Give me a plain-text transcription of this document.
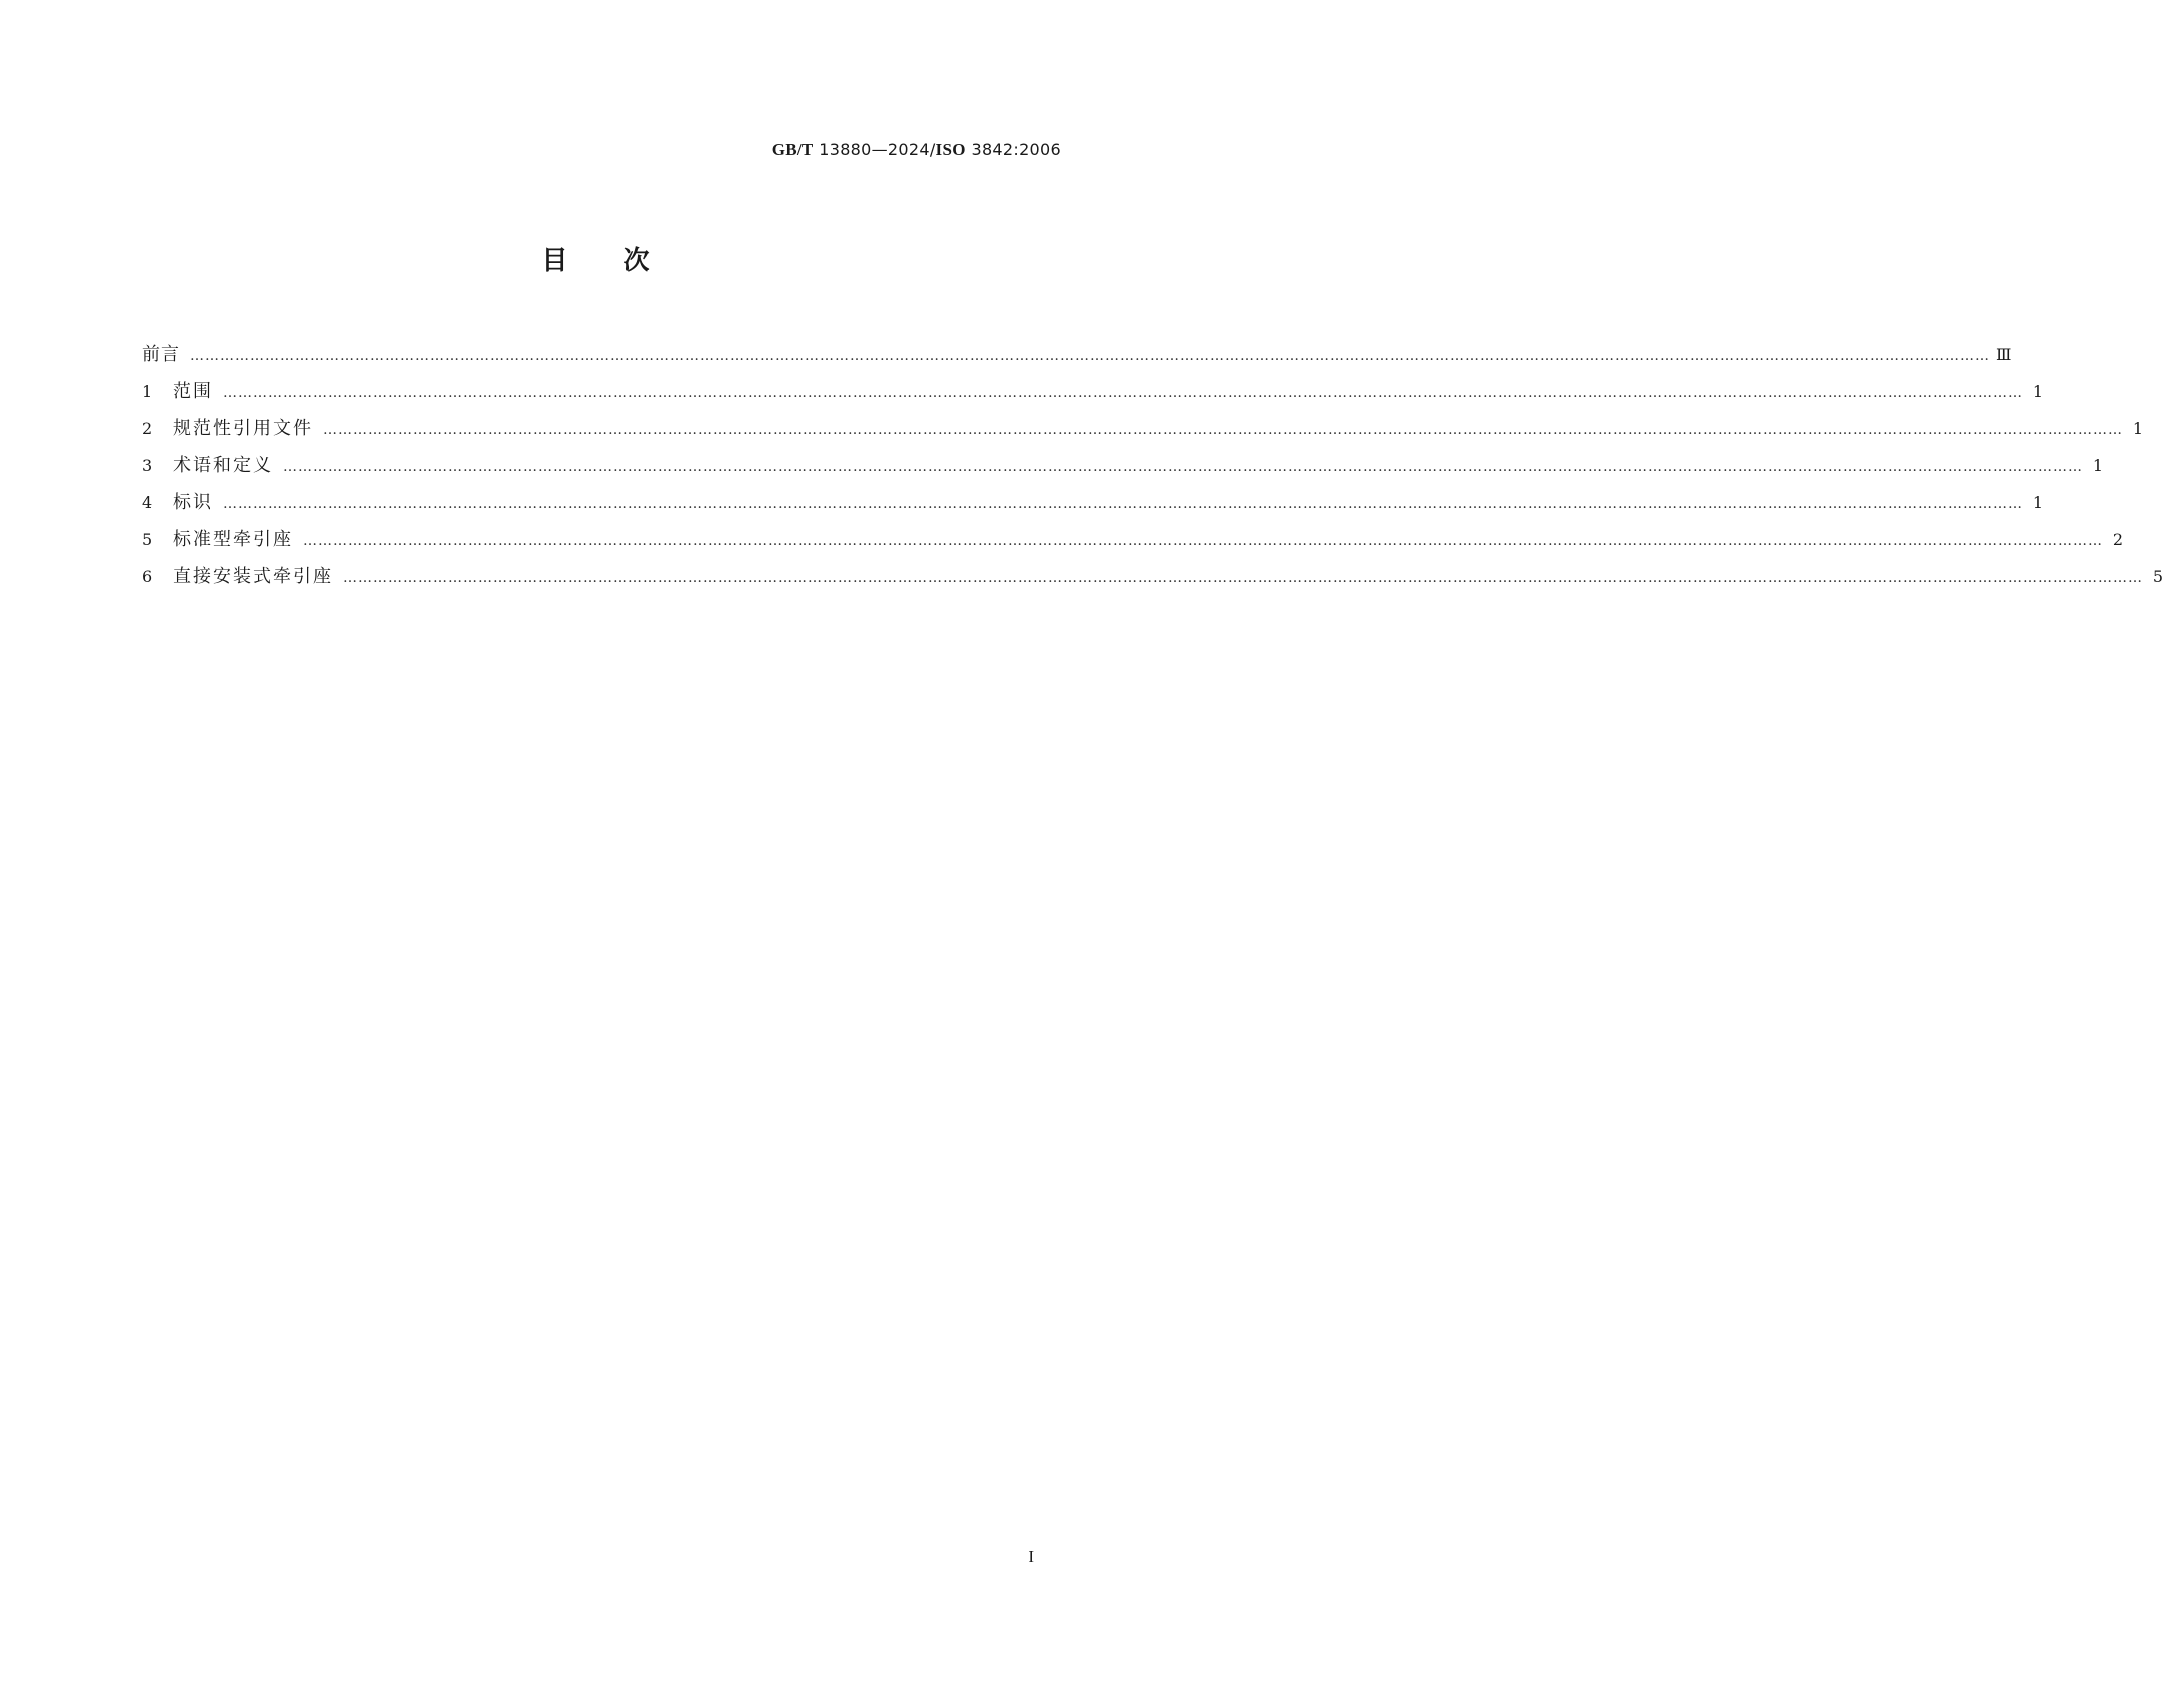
GB/T 13880—2024/ISO 3842:2006
目次
前言 ……………………………………………………………………………………………………………………………………………………………………………………………………………………………………………………………………………………………………………………………… Ⅲ
1	范围 ……………………………………………………………………………………………………………………………………………………………………………………………………………………………………………………………………………………………………………………………… 1
2	规范性引用文件 ……………………………………………………………………………………………………………………………………………………………………………………………………………………………………………………………………………………………………………………………… 1
3	术语和定义 ……………………………………………………………………………………………………………………………………………………………………………………………………………………………………………………………………………………………………………………………… 1
4	标识 ……………………………………………………………………………………………………………………………………………………………………………………………………………………………………………………………………………………………………………………………… 1
5	标准型牵引座 ……………………………………………………………………………………………………………………………………………………………………………………………………………………………………………………………………………………………………………………………… 2
6	直接安装式牵引座 ……………………………………………………………………………………………………………………………………………………………………………………………………………………………………………………………………………………………………………………………… 5
I
